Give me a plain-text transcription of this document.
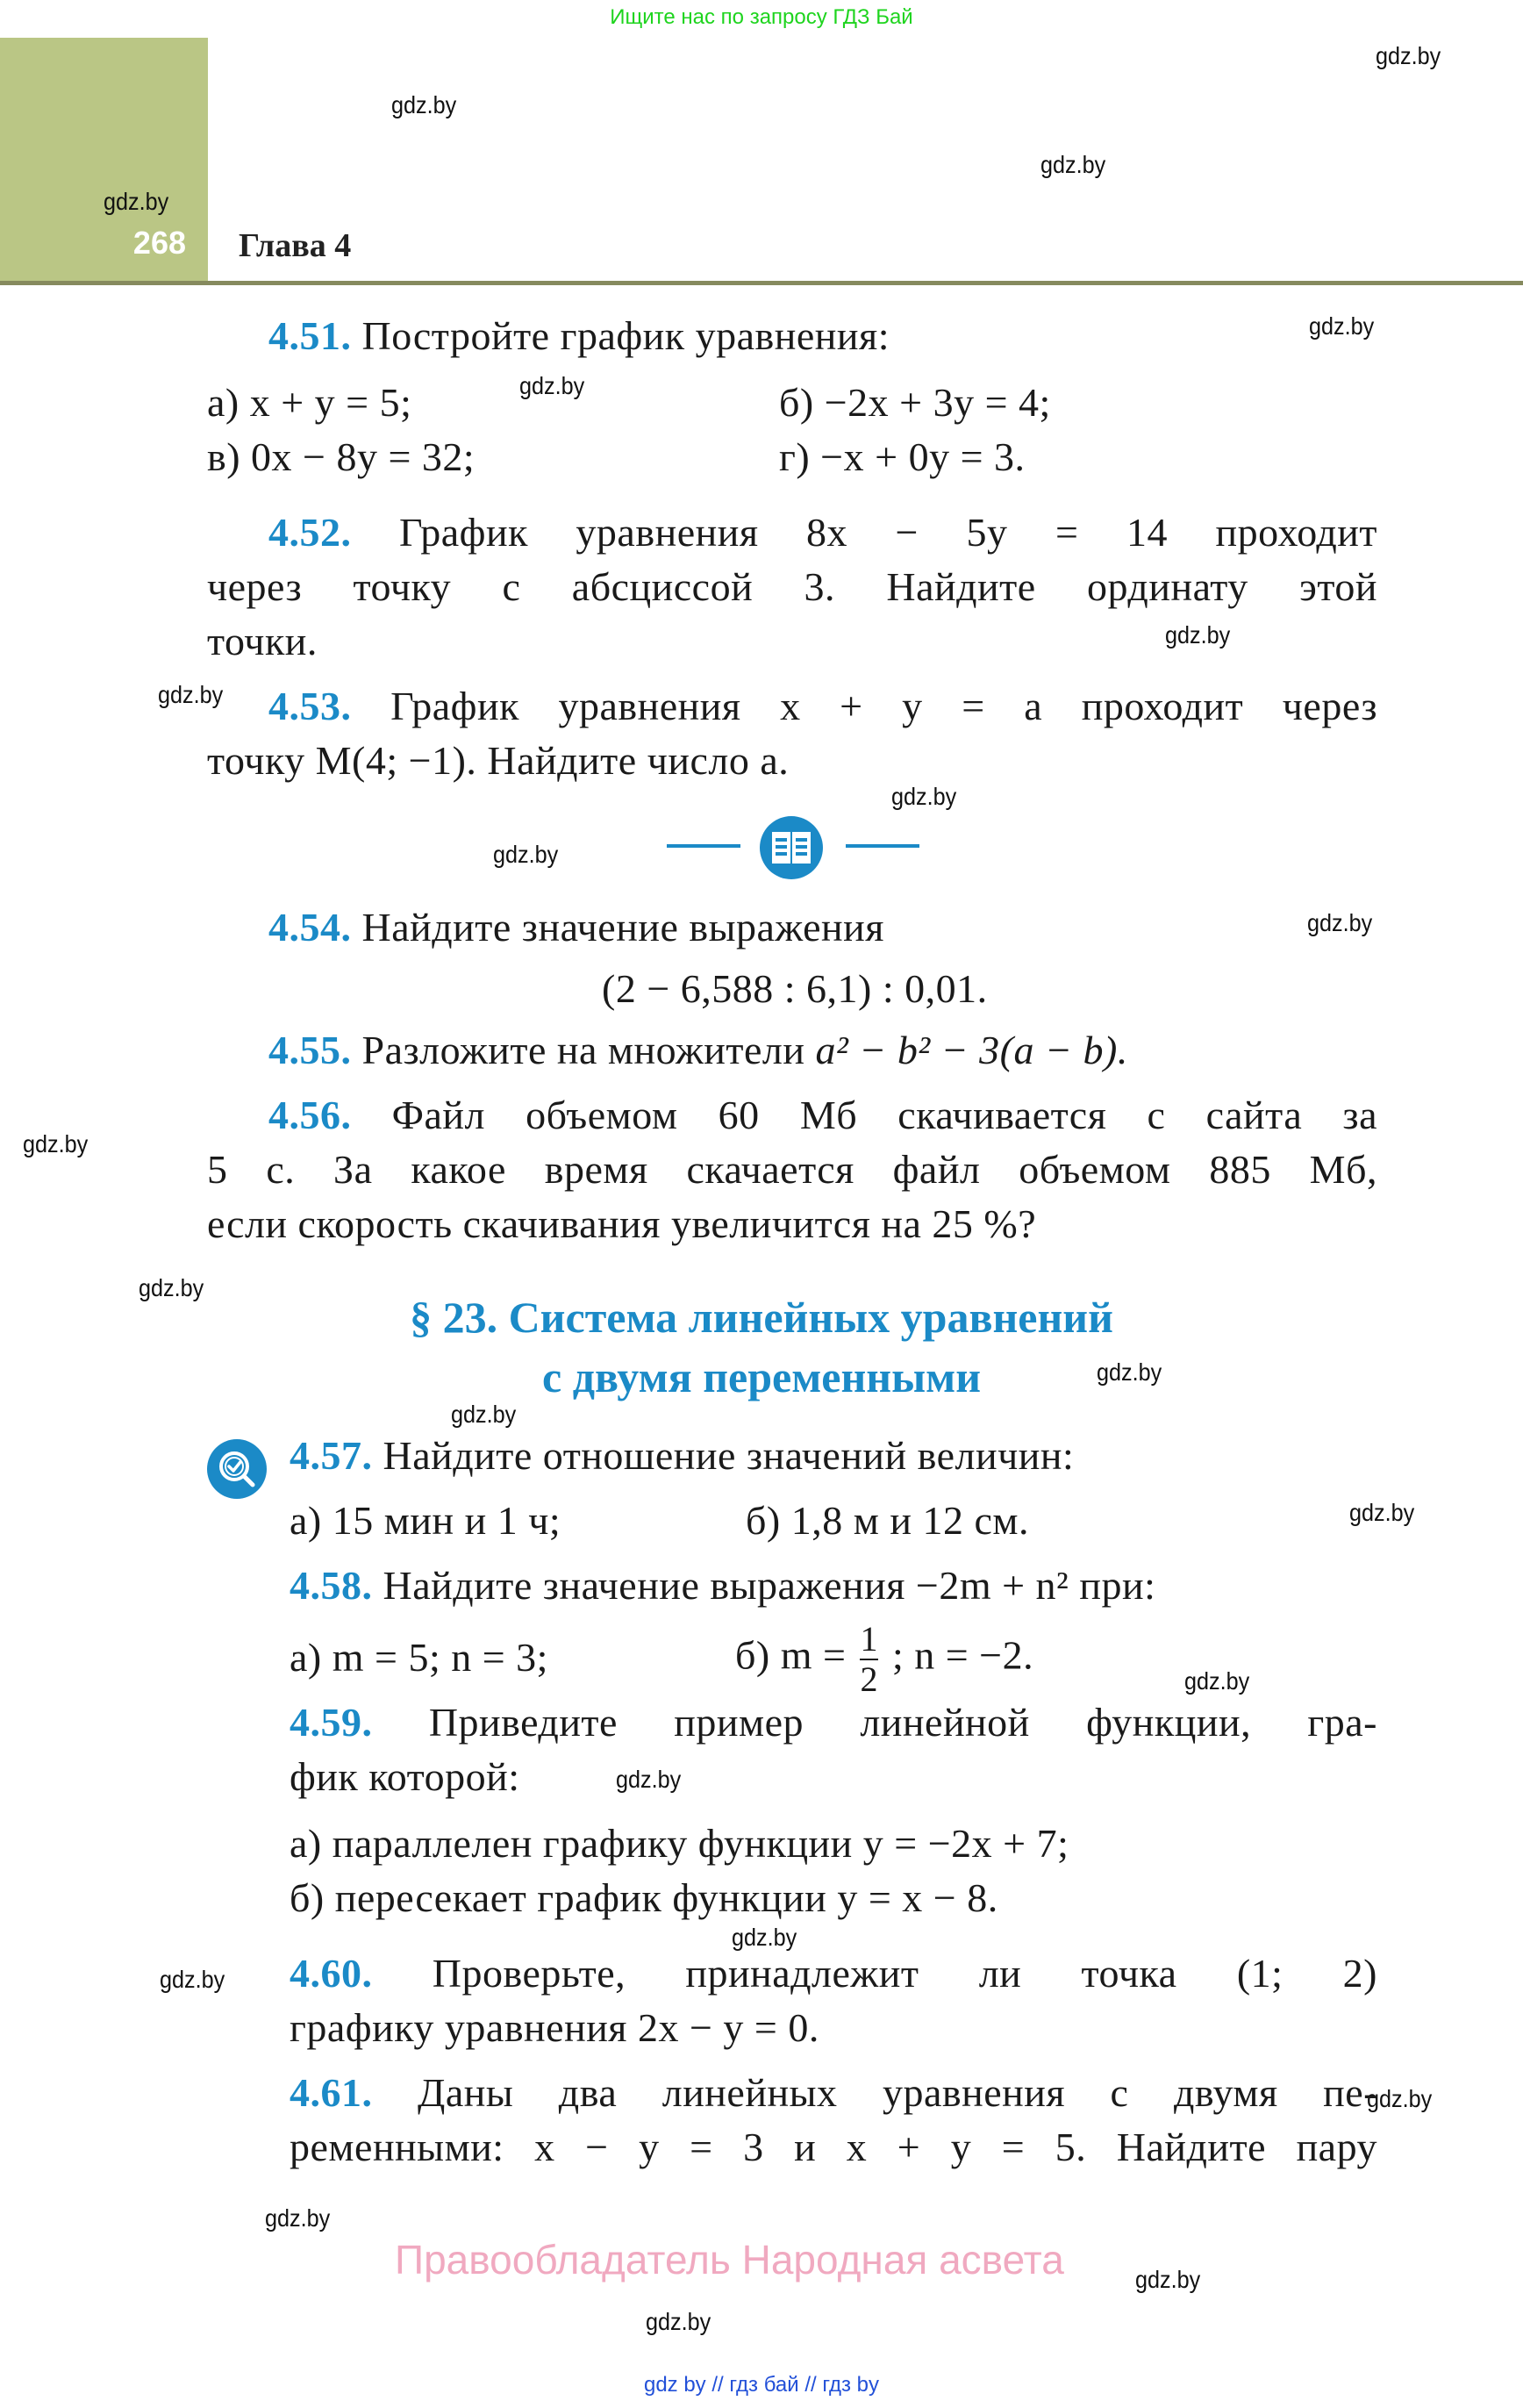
Ищите нас по запросу ГДЗ Бай
gdz.by
268 Глава 4
gdz.by
gdz.by
gdz.by
gdz.by
gdz.by
gdz.by
gdz.by
gdz.by
gdz.by
gdz.by
gdz.by
gdz.by
gdz.by
gdz.by
gdz.by
gdz.by
gdz.by
gdz.by
gdz.by
gdz.by
gdz.by
gdz.by
gdz.by
4.51. Постройте график уравнения:
а) x + y = 5;	б) −2x + 3y = 4;
в) 0x − 8y = 32;	г) −x + 0y = 3.
4.52. График уравнения 8x − 5y = 14 проходит
через точку с абсциссой 3. Найдите ординату этой
точки.
4.53. График уравнения x + y = a проходит через
точку M(4; −1). Найдите число a.
4.54. Найдите значение выражения
(2 − 6,588 : 6,1) : 0,01.
4.55. Разложите на множители a² − b² − 3(a − b).
4.56. Файл объемом 60 Мб скачивается с сайта за
5 с. За какое время скачается файл объемом 885 Мб,
если скорость скачивания увеличится на 25 %?
§ 23. Система линейных уравнений
с двумя переменными
4.57. Найдите отношение значений величин:
а) 15 мин и 1 ч;	б) 1,8 м и 12 см.
4.58. Найдите значение выражения −2m + n² при:
а) m = 5; n = 3;	б) $m = \frac{1}{2}$ ; n = −2.
4.59. Приведите пример линейной функции, гра-
фик которой:
а) параллелен графику функции y = −2x + 7;
б) пересекает график функции y = x − 8.
4.60. Проверьте, принадлежит ли точка (1; 2)
графику уравнения 2x − y = 0.
4.61. Даны два линейных уравнения с двумя пе-
ременными: x − y = 3 и x + y = 5. Найдите пару
Правообладатель Народная асвета
gdz by // гдз бай // гдз by
